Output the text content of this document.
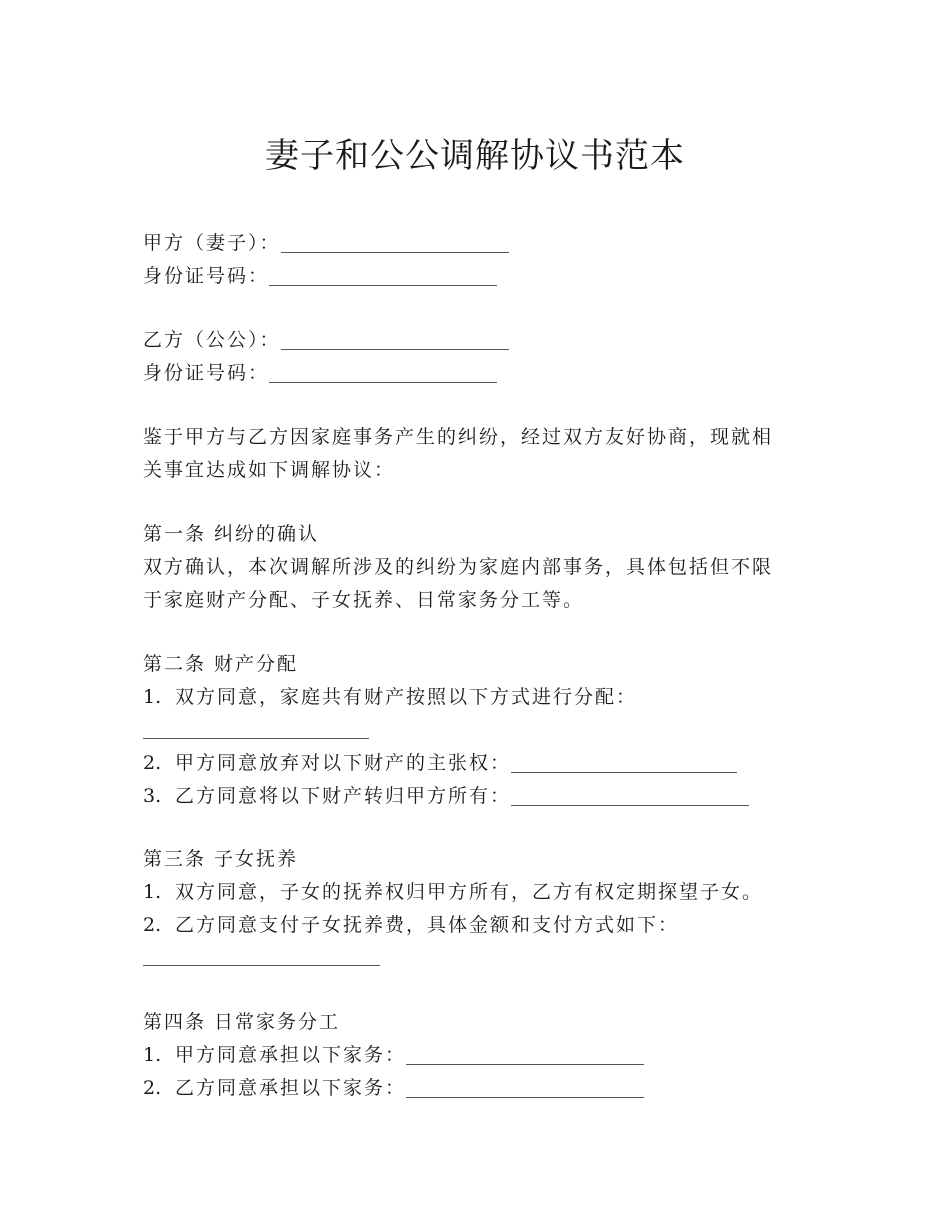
妻子和公公调解协议书范本
甲方（妻子）：
身份证号码：
乙方（公公）：
身份证号码：
鉴于甲方与乙方因家庭事务产生的纠纷，经过双方友好协商，现就相
关事宜达成如下调解协议：
第一条 纠纷的确认
双方确认，本次调解所涉及的纠纷为家庭内部事务，具体包括但不限
于家庭财产分配、子女抚养、日常家务分工等。
第二条 财产分配
1. 双方同意，家庭共有财产按照以下方式进行分配：
2. 甲方同意放弃对以下财产的主张权：
3. 乙方同意将以下财产转归甲方所有：
第三条 子女抚养
1. 双方同意，子女的抚养权归甲方所有，乙方有权定期探望子女。
2. 乙方同意支付子女抚养费，具体金额和支付方式如下：
第四条 日常家务分工
1. 甲方同意承担以下家务：
2. 乙方同意承担以下家务：
